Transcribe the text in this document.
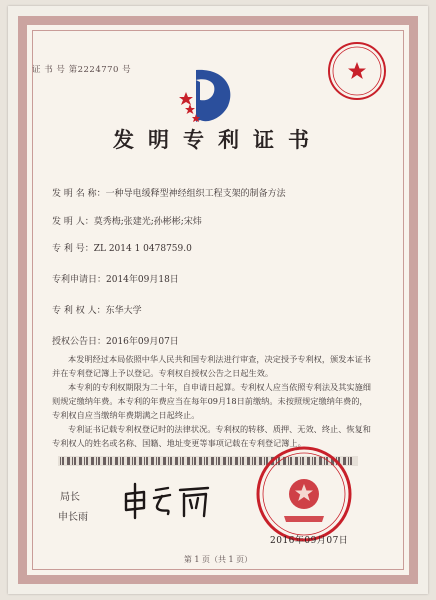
证 书 号 第2224770 号
发明专利证书
发 明 名 称：一种导电缓释型神经组织工程支架的制备方法
发 明 人：莫秀梅;张建光;孙彬彬;宋炜
专 利 号：ZL 2014 1 0478759.0
专利申请日：2014年09月18日
专 利 权 人：东华大学
授权公告日：2016年09月07日
本发明经过本局依照中华人民共和国专利法进行审查，决定授予专利权，颁发本证书并在专利登记簿上予以登记。专利权自授权公告之日起生效。
本专利的专利权期限为二十年，自申请日起算。专利权人应当依照专利法及其实施细则规定缴纳年费。本专利的年费应当在每年09月18日前缴纳。未按照规定缴纳年费的，专利权自应当缴纳年费期满之日起终止。
专利证书记载专利权登记时的法律状况。专利权的转移、质押、无效、终止、恢复和专利权人的姓名或名称、国籍、地址变更等事项记载在专利登记簿上。
局长
申长雨
2016年09月07日
第 1 页（共 1 页）
